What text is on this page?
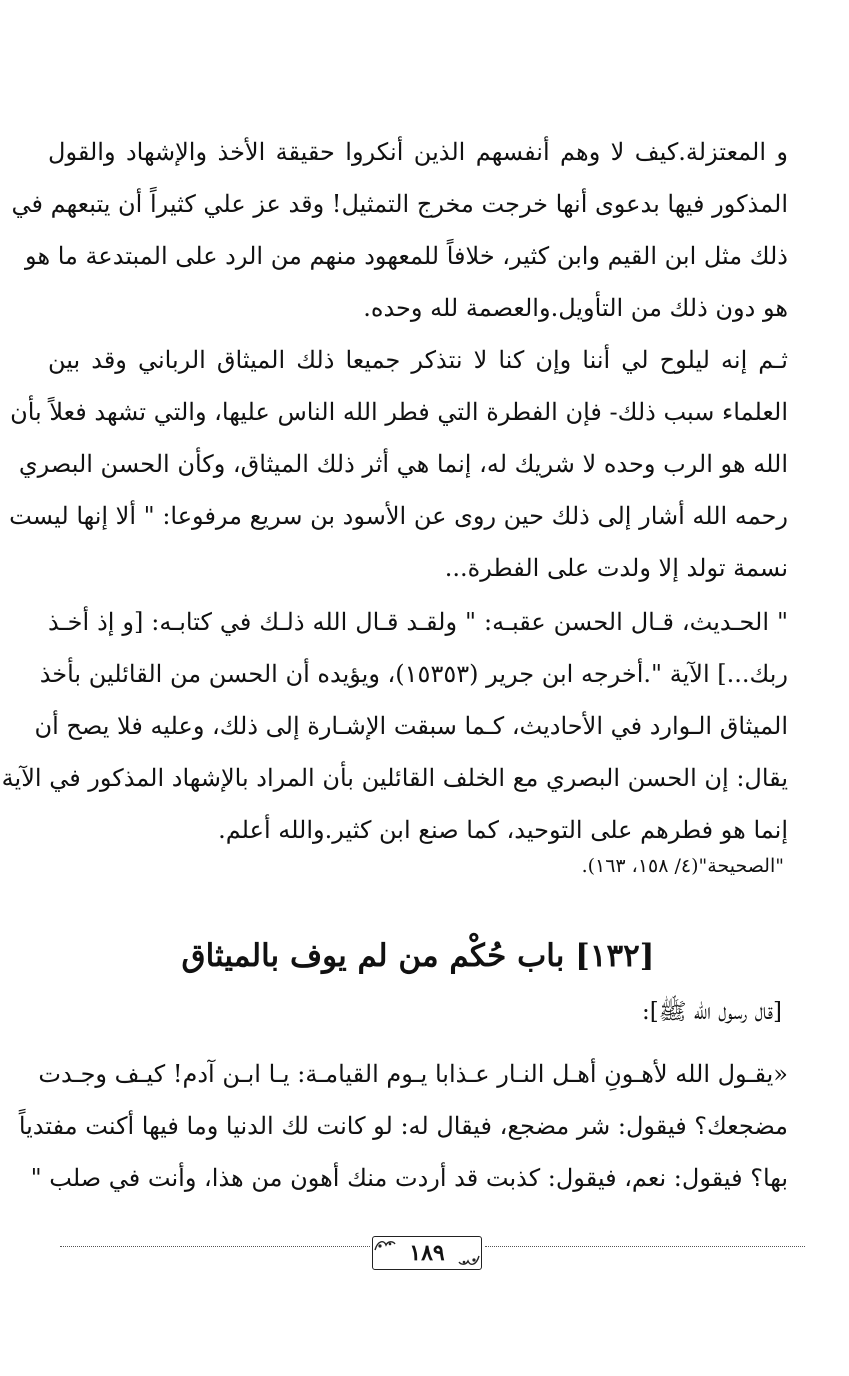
و المعتزلة.كيف لا وهم أنفسهم الذين أنكروا حقيقة الأخذ والإشهاد والقول
المذكور فيها بدعوى أنها خرجت مخرج التمثيل! وقد عز علي كثيراً أن يتبعهم في
ذلك مثل ابن القيم وابن كثير، خلافاً للمعهود منهم من الرد على المبتدعة ما هو
هو دون ذلك من التأويل.والعصمة لله وحده.
ثـم إنه ليلوح لي أننا وإن كنا لا نتذكر جميعا ذلك الميثاق الرباني وقد بين
العلماء سبب ذلك- فإن الفطرة التي فطر الله الناس عليها، والتي تشهد فعلاً بأن
الله هو الرب وحده لا شريك له، إنما هي أثر ذلك الميثاق، وكأن الحسن البصري
رحمه الله أشار إلى ذلك حين روى عن الأسود بن سريع مرفوعا: " ألا إنها ليست
نسمة تولد إلا ولدت على الفطرة...
" الحـديث، قـال الحسن عقبـه: " ولقـد قـال الله ذلـك في كتابـه: [و إذ أخـذ
ربك...] الآية ".أخرجه ابن جرير (١٥٣٥٣)، ويؤيده أن الحسن من القائلين بأخذ
الميثاق الـوارد في الأحاديث، كـما سبقت الإشـارة إلى ذلك، وعليه فلا يصح أن
يقال: إن الحسن البصري مع الخلف القائلين بأن المراد بالإشهاد المذكور في الآية
إنما هو فطرهم على التوحيد، كما صنع ابن كثير.والله أعلم.
"الصحيحة"(٤/ ١٥٨، ١٦٣).
[١٣٢] باب حُكْم من لم يوف بالميثاق
[قال رسول الله ﷺ]:
«يقـول الله لأهـونِ أهـل النـار عـذابا يـوم القيامـة: يـا ابـن آدم! كيـف وجـدت
مضجعك؟ فيقول: شر مضجع، فيقال له: لو كانت لك الدنيا وما فيها أكنت مفتدياً
بها؟ فيقول: نعم، فيقول: كذبت قد أردت منك أهون من هذا، وأنت في صلب "
١٨٩
